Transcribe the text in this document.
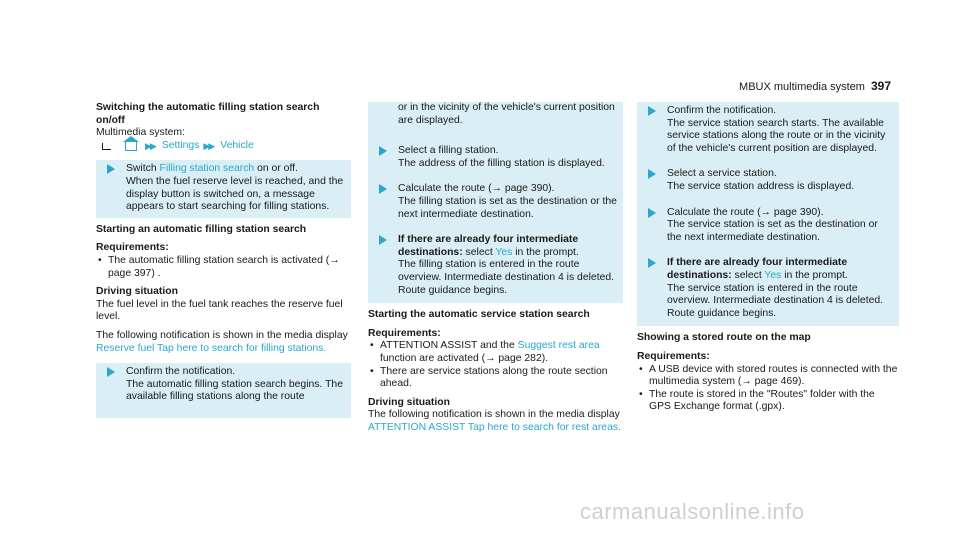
MBUX multimedia system 397

Switching the automatic filling station search on/off

Multimedia system:

▶▶ Settings ▶▶ Vehicle
Switch Filling station search on or off.
When the fuel reserve level is reached, and the display button is switched on, a message appears to start searching for filling stations.

Starting an automatic filling station search

Requirements:

• The automatic filling station search is activated (→ page 397) .

Driving situation

The fuel level in the fuel tank reaches the reserve fuel level.

The following notification is shown in the media display Reserve fuel Tap here to search for filling stations.

Confirm the notification.
The automatic filling station search begins. The available filling stations along the route
or in the vicinity of the vehicle's current position are displayed.
Select a filling station.
The address of the filling station is displayed.
Calculate the route (→ page 390).
The filling station is set as the destination or the next intermediate destination.
If there are already four intermediate destinations: select Yes in the prompt.
The filling station is entered in the route overview. Intermediate destination 4 is deleted. Route guidance begins.

Starting the automatic service station search

Requirements:

• ATTENTION ASSIST and the Suggest rest area function are activated (→ page 282).
• There are service stations along the route section ahead.

Driving situation

The following notification is shown in the media display ATTENTION ASSIST Tap here to search for rest areas.

Confirm the notification.
The service station search starts. The available service stations along the route or in the vicinity of the vehicle's current position are displayed.
Select a service station.
The service station address is displayed.
Calculate the route (→ page 390).
The service station is set as the destination or the next intermediate destination.
If there are already four intermediate destinations: select Yes in the prompt.
The service station is entered in the route overview. Intermediate destination 4 is deleted. Route guidance begins.

Showing a stored route on the map

Requirements:

• A USB device with stored routes is connected with the multimedia system (→ page 469).
• The route is stored in the "Routes" folder with the GPS Exchange format (.gpx).
carmanualsonline.info
